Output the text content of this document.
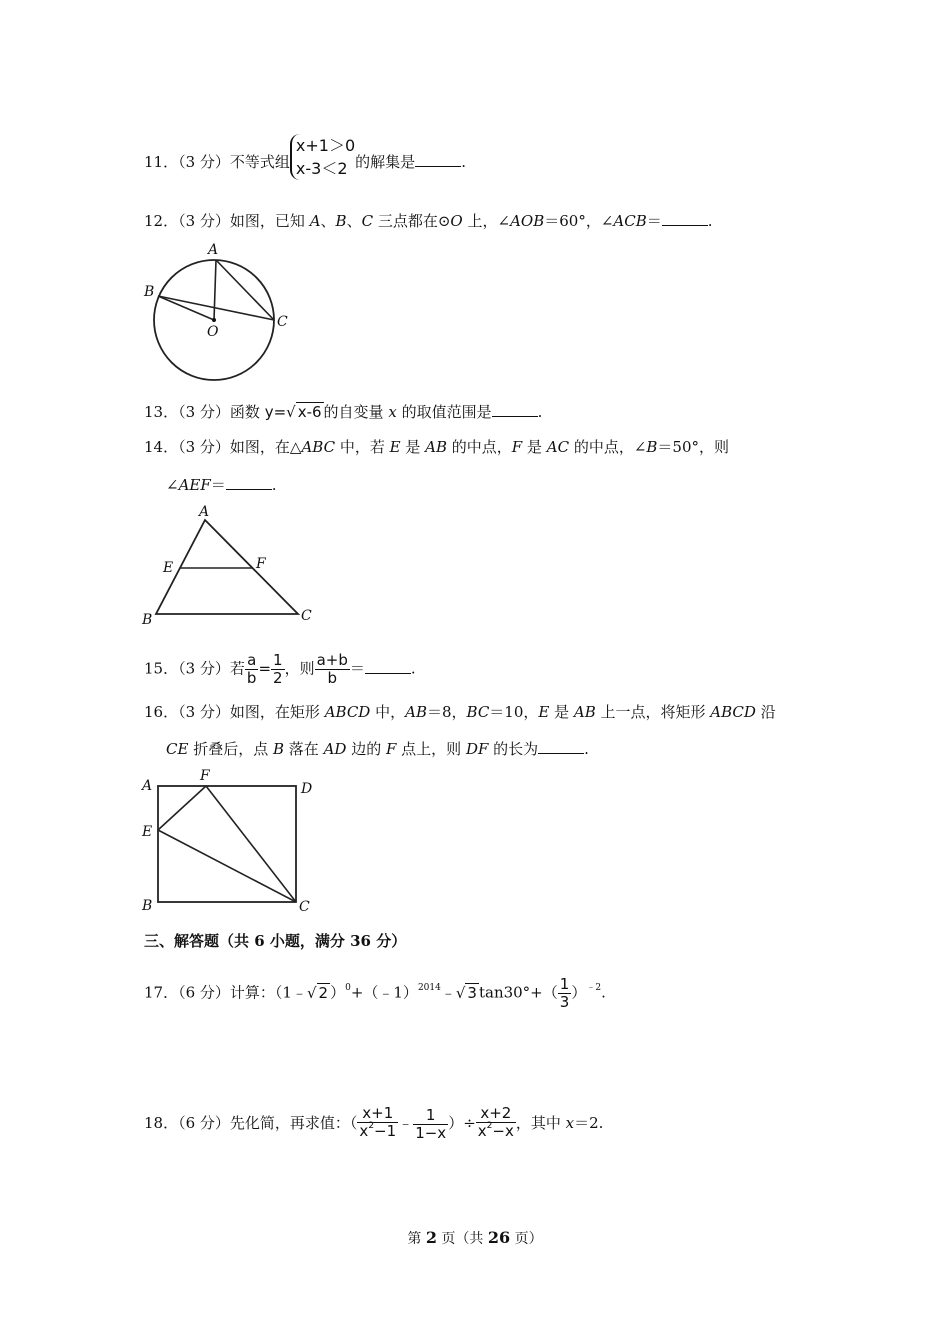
11．（3 分）不等式组
x+1＞0
x-3＜2 的解集是	.
12．（3 分）如图，已知 A、B、C 三点都在⊙O 上，∠AOB＝60°，∠ACB＝	.
A
B
C
O
13．（3 分）函数 y=√ x-6 的自变量 x 的取值范围是	.
14．（3 分）如图，在△ABC 中，若 E 是 AB 的中点，F 是 AC 的中点，∠B＝50°，则
∠AEF＝	.
A
B	C
E	F
15．（3 分）若 $\frac{a}{b} = \frac{1}{2}$ ，则 $\frac{a+b}{b}$ ＝	.
16．（3 分）如图，在矩形 ABCD 中，AB＝8，BC＝10，E 是 AB 上一点，将矩形 ABCD 沿
CE 折叠后，点 B 落在 AD 边的 F 点上，则 DF 的长为	.
A
B	C
D
E
F
三、解答题（共 6 小题，满分 36 分）
17．（6 分）计算：（1﹣√ 2 ）$^0$+（﹣1）$^{2014}$﹣√ 3 $\tan 30^\circ+( \frac{1}{3} )^{﹣2}$.
18．（6 分）先化简，再求值：（ $\frac{x+1}{x^2-1}$ ﹣ $\frac{1}{1-x}$ ）÷ $\frac{x+2}{x^2-x}$ ，其中 x＝2.
第 2 页（共 26 页）
